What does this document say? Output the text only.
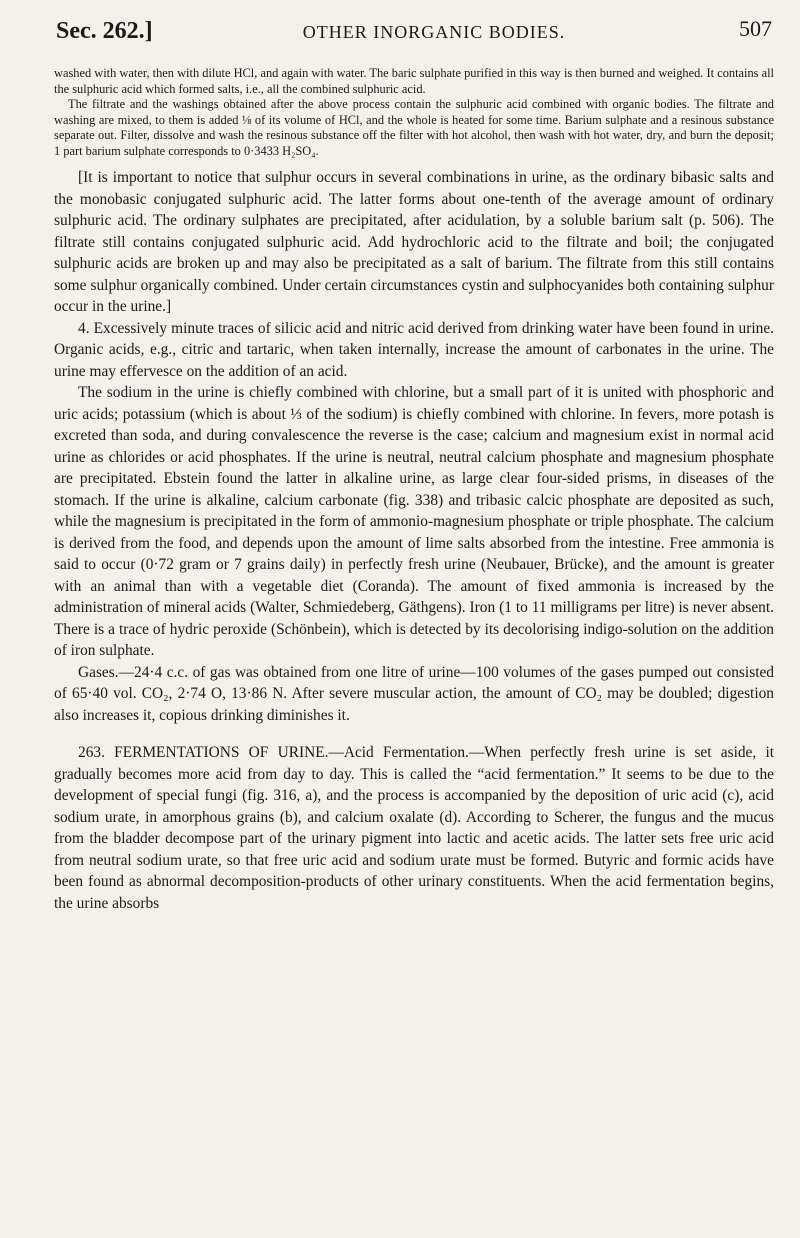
Sec. 262.]	OTHER INORGANIC BODIES.	507

washed with water, then with dilute HCl, and again with water. The baric sulphate purified in this way is then burned and weighed. It contains all the sulphuric acid which formed salts, i.e., all the combined sulphuric acid.

The filtrate and the washings obtained after the above process contain the sulphuric acid combined with organic bodies. The filtrate and washing are mixed, to them is added ⅛ of its volume of HCl, and the whole is heated for some time. Barium sulphate and a resinous substance separate out. Filter, dissolve and wash the resinous substance off the filter with hot alcohol, then wash with hot water, dry, and burn the deposit; 1 part barium sulphate corresponds to 0·3433 H₂SO₄.

[It is important to notice that sulphur occurs in several combinations in urine, as the ordinary bibasic salts and the monobasic conjugated sulphuric acid. The latter forms about one-tenth of the average amount of ordinary sulphuric acid. The ordinary sulphates are precipitated, after acidulation, by a soluble barium salt (p. 506). The filtrate still contains conjugated sulphuric acid. Add hydrochloric acid to the filtrate and boil; the conjugated sulphuric acids are broken up and may also be precipitated as a salt of barium. The filtrate from this still contains some sulphur organically combined. Under certain circumstances cystin and sulphocyanides both containing sulphur occur in the urine.]

4. Excessively minute traces of silicic acid and nitric acid derived from drinking water have been found in urine. Organic acids, e.g., citric and tartaric, when taken internally, increase the amount of carbonates in the urine. The urine may effervesce on the addition of an acid.

The sodium in the urine is chiefly combined with chlorine, but a small part of it is united with phosphoric and uric acids; potassium (which is about ⅓ of the sodium) is chiefly combined with chlorine. In fevers, more potash is excreted than soda, and during convalescence the reverse is the case; calcium and magnesium exist in normal acid urine as chlorides or acid phosphates. If the urine is neutral, neutral calcium phosphate and magnesium phosphate are precipitated. Ebstein found the latter in alkaline urine, as large clear four-sided prisms, in diseases of the stomach. If the urine is alkaline, calcium carbonate (fig. 338) and tribasic calcic phosphate are deposited as such, while the magnesium is precipitated in the form of ammonio-magnesium phosphate or triple phosphate. The calcium is derived from the food, and depends upon the amount of lime salts absorbed from the intestine. Free ammonia is said to occur (0·72 gram or 7 grains daily) in perfectly fresh urine (Neubauer, Brücke), and the amount is greater with an animal than with a vegetable diet (Coranda). The amount of fixed ammonia is increased by the administration of mineral acids (Walter, Schmiedeberg, Gäthgens). Iron (1 to 11 milligrams per litre) is never absent. There is a trace of hydric peroxide (Schönbein), which is detected by its decolorising indigo-solution on the addition of iron sulphate.

Gases.—24·4 c.c. of gas was obtained from one litre of urine—100 volumes of the gases pumped out consisted of 65·40 vol. CO₂, 2·74 O, 13·86 N. After severe muscular action, the amount of CO₂ may be doubled; digestion also increases it, copious drinking diminishes it.

263. FERMENTATIONS OF URINE.—Acid Fermentation.—When perfectly fresh urine is set aside, it gradually becomes more acid from day to day. This is called the “acid fermentation.” It seems to be due to the development of special fungi (fig. 316, a), and the process is accompanied by the deposition of uric acid (c), acid sodium urate, in amorphous grains (b), and calcium oxalate (d). According to Scherer, the fungus and the mucus from the bladder decompose part of the urinary pigment into lactic and acetic acids. The latter sets free uric acid from neutral sodium urate, so that free uric acid and sodium urate must be formed. Butyric and formic acids have been found as abnormal decomposition-products of other urinary constituents. When the acid fermentation begins, the urine absorbs
